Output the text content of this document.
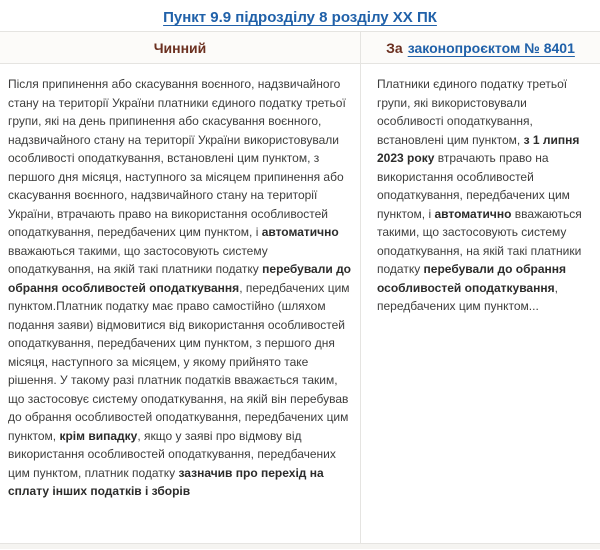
Пункт 9.9 підрозділу 8 розділу ХХ ПК
Чинний	За законопроєктом № 8401
Після припинення або скасування воєнного, надзвичайного стану на території України платники єдиного податку третьої групи, які на день припинення або скасування воєнного, надзвичайного стану на території України використовували особливості оподаткування, встановлені цим пунктом, з першого дня місяця, наступного за місяцем припинення або скасування воєнного, надзвичайного стану на території України, втрачають право на використання особливостей оподаткування, передбачених цим пунктом, і автоматично вважаються такими, що застосовують систему оподаткування, на якій такі платники податку перебували до обрання особливостей оподаткування, передбачених цим пунктом.Платник податку має право самостійно (шляхом подання заяви) відмовитися від використання особливостей оподаткування, передбачених цим пунктом, з першого дня місяця, наступного за місяцем, у якому прийнято таке рішення. У такому разі платник податків вважається таким, що застосовує систему оподаткування, на якій він перебував до обрання особливостей оподаткування, передбачених цим пунктом, крім випадку, якщо у заяві про відмову від використання особливостей оподаткування, передбачених цим пунктом, платник податку зазначив про перехід на сплату інших податків і зборів
Платники єдиного податку третьої групи, які використовували особливості оподаткування, встановлені цим пунктом, з 1 липня 2023 року втрачають право на використання особливостей оподаткування, передбачених цим пунктом, і автоматично вважаються такими, що застосовують систему оподаткування, на якій такі платники податку перебували до обрання особливостей оподаткування, передбачених цим пунктом...
